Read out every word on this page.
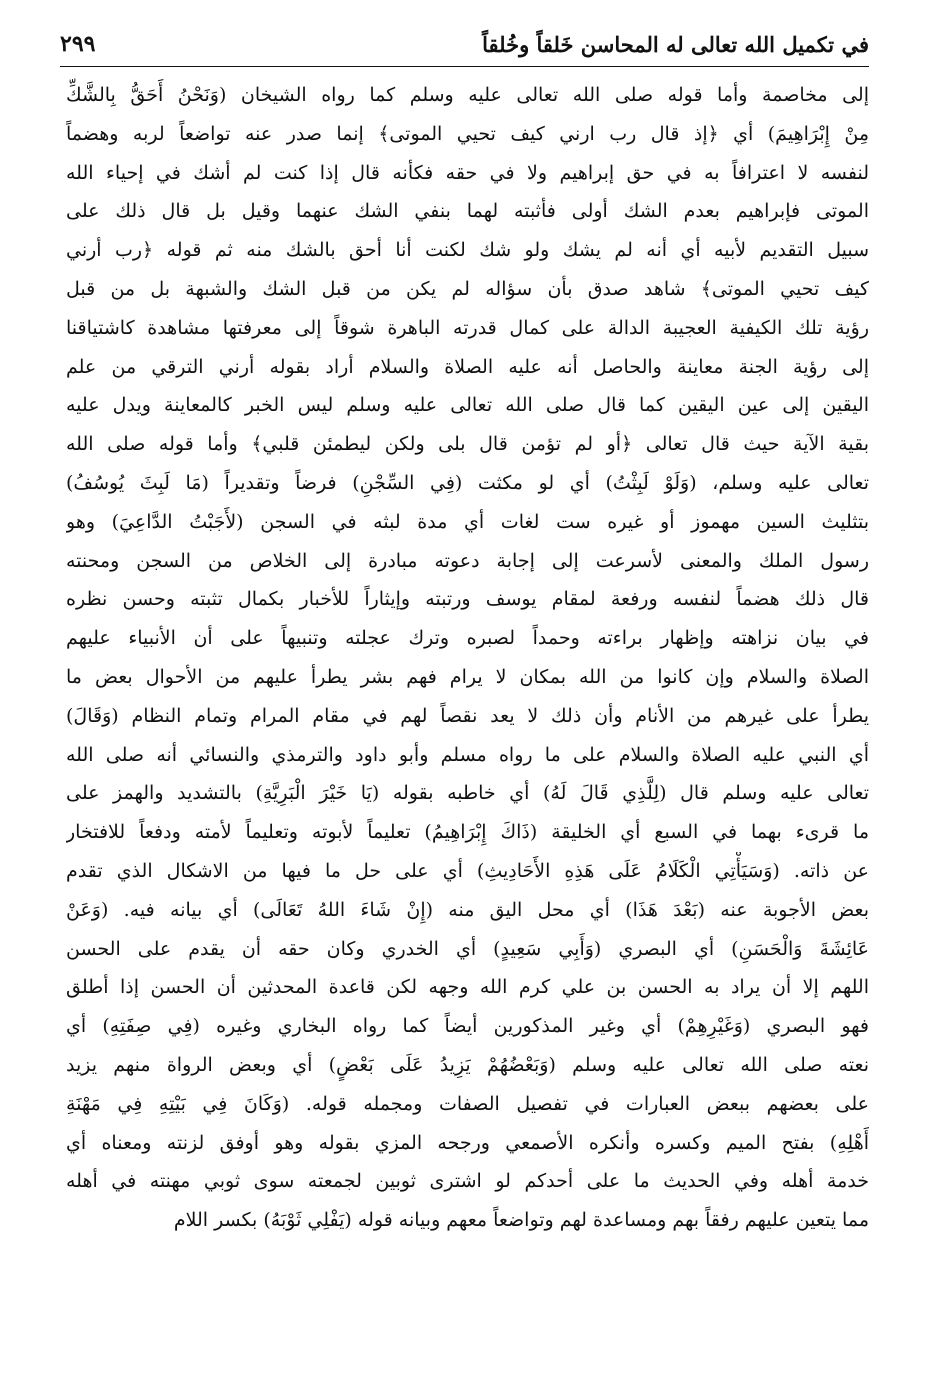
في تكميل الله تعالى له المحاسن خَلقاً وخُلقاً
٢٩٩
إلى مخاصمة وأما قوله صلى الله تعالى عليه وسلم كما رواه الشيخان (وَنَحْنُ أَحَقُّ بِالشَّكِّ
مِنْ إِبْرَاهِيمَ) أي ﴿إذ قال رب ارني كيف تحيي الموتى﴾ إنما صدر عنه تواضعاً لربه وهضماً
لنفسه لا اعترافاً به في حق إبراهيم ولا في حقه فكأنه قال إذا كنت لم أشك في إحياء الله
الموتى فإبراهيم بعدم الشك أولى فأثبته لهما بنفي الشك عنهما وقيل بل قال ذلك على
سبيل التقديم لأبيه أي أنه لم يشك ولو شك لكنت أنا أحق بالشك منه ثم قوله ﴿رب أرني
كيف تحيي الموتى﴾ شاهد صدق بأن سؤاله لم يكن من قبل الشك والشبهة بل من قبل
رؤية تلك الكيفية العجيبة الدالة على كمال قدرته الباهرة شوقاً إلى معرفتها مشاهدة كاشتياقنا
إلى رؤية الجنة معاينة والحاصل أنه عليه الصلاة والسلام أراد بقوله أرني الترقي من علم
اليقين إلى عين اليقين كما قال صلى الله تعالى عليه وسلم ليس الخبر كالمعاينة ويدل عليه
بقية الآية حيث قال تعالى ﴿أو لم تؤمن قال بلى ولكن ليطمئن قلبي﴾ وأما قوله صلى الله
تعالى عليه وسلم، (وَلَوْ لَبِثْتُ) أي لو مكثت (فِي السِّجْنِ) فرضاً وتقديراً (مَا لَبِثَ يُوسُفُ)
بتثليث السين مهموز أو غيره ست لغات أي مدة لبثه في السجن (لأَجَبْتُ الدَّاعِيَ) وهو
رسول الملك والمعنى لأسرعت إلى إجابة دعوته مبادرة إلى الخلاص من السجن ومحنته
قال ذلك هضماً لنفسه ورفعة لمقام يوسف ورتبته وإيثاراً للأخبار بكمال تثبته وحسن نظره
في بيان نزاهته وإظهار براءته وحمداً لصبره وترك عجلته وتنبيهاً على أن الأنبياء عليهم
الصلاة والسلام وإن كانوا من الله بمكان لا يرام فهم بشر يطرأ عليهم من الأحوال بعض ما
يطرأ على غيرهم من الأنام وأن ذلك لا يعد نقصاً لهم في مقام المرام وتمام النظام (وَقَالَ)
أي النبي عليه الصلاة والسلام على ما رواه مسلم وأبو داود والترمذي والنسائي أنه صلى الله
تعالى عليه وسلم قال (لِلَّذِي قَالَ لَهُ) أي خاطبه بقوله (يَا خَيْرَ الْبَرِيَّةِ) بالتشديد والهمز على
ما قرىء بهما في السبع أي الخليقة (ذَاكَ إِبْرَاهِيمُ) تعليماً لأبوته وتعليماً لأمته ودفعاً للافتخار
عن ذاته. (وَسَيَأْتِي الْكَلَامُ عَلَى هَذِهِ الأَحَادِيثِ) أي على حل ما فيها من الاشكال الذي تقدم
بعض الأجوبة عنه (بَعْدَ هَذَا) أي محل اليق منه (إِنْ شَاءَ اللهُ تَعَالَى) أي بيانه فيه. (وَعَنْ
عَائِشَةَ وَالْحَسَنِ) أي البصري (وَأَبِي سَعِيدٍ) أي الخدري وكان حقه أن يقدم على الحسن
اللهم إلا أن يراد به الحسن بن علي كرم الله وجهه لكن قاعدة المحدثين أن الحسن إذا أطلق
فهو البصري (وَغَيْرِهِمْ) أي وغير المذكورين أيضاً كما رواه البخاري وغيره (فِي صِفَتِهِ) أي
نعته صلى الله تعالى عليه وسلم (وَبَعْضُهُمْ يَزِيدُ عَلَى بَعْضٍ) أي وبعض الرواة منهم يزيد
على بعضهم ببعض العبارات في تفصيل الصفات ومجمله قوله. (وَكَانَ فِي بَيْتِهِ فِي مَهْنَةِ
أَهْلِهِ) بفتح الميم وكسره وأنكره الأصمعي ورجحه المزي بقوله وهو أوفق لزنته ومعناه أي
خدمة أهله وفي الحديث ما على أحدكم لو اشترى ثوبين لجمعته سوى ثوبي مهنته في أهله
مما يتعين عليهم رفقاً بهم ومساعدة لهم وتواضعاً معهم وبيانه قوله (يَفْلِي ثَوْبَهُ) بكسر اللام
